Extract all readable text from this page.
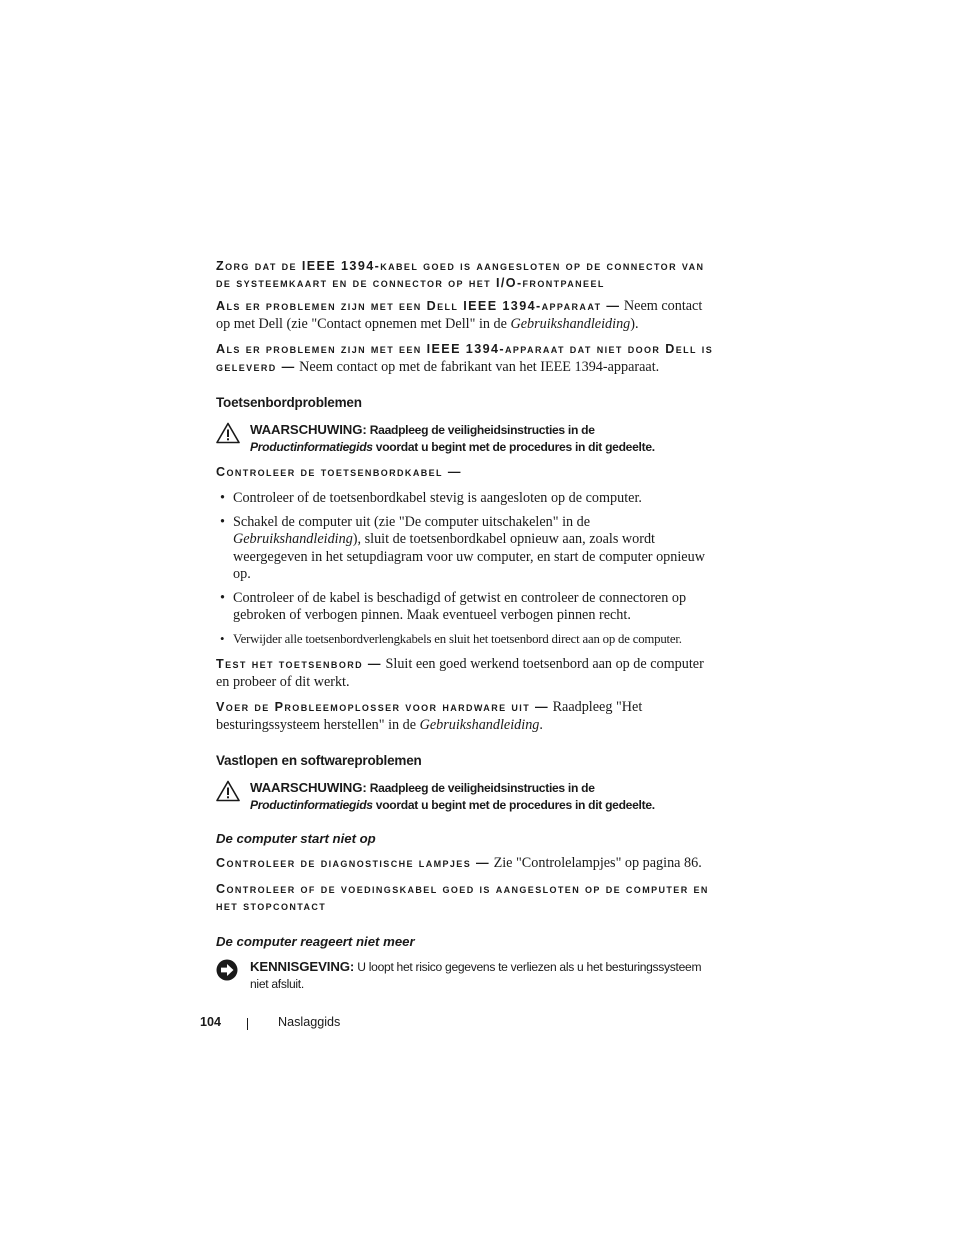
Zorg dat de IEEE 1394-kabel goed is aangesloten op de connector van de systeemkaart en de connector op het I/O-frontpaneel

Als er problemen zijn met een Dell IEEE 1394-apparaat — Neem contact op met Dell (zie "Contact opnemen met Dell" in de Gebruikshandleiding).

Als er problemen zijn met een IEEE 1394-apparaat dat niet door Dell is geleverd — Neem contact op met de fabrikant van het IEEE 1394-apparaat.

Toetsenbordproblemen
WAARSCHUWING: Raadpleeg de veiligheidsinstructies in de Productinformatiegids voordat u begint met de procedures in dit gedeelte.
Controleer de toetsenbordkabel —
• Controleer of de toetsenbordkabel stevig is aangesloten op de computer.
• Schakel de computer uit (zie "De computer uitschakelen" in de Gebruikshandleiding), sluit de toetsenbordkabel opnieuw aan, zoals wordt weergegeven in het setupdiagram voor uw computer, en start de computer opnieuw op.
• Controleer of de kabel is beschadigd of getwist en controleer de connectoren op gebroken of verbogen pinnen. Maak eventueel verbogen pinnen recht.
• Verwijder alle toetsenbordverlengkabels en sluit het toetsenbord direct aan op de computer.

Test het toetsenbord — Sluit een goed werkend toetsenbord aan op de computer en probeer of dit werkt.

Voer de Probleemoplosser voor hardware uit — Raadpleeg "Het besturingssysteem herstellen" in de Gebruikshandleiding.

Vastlopen en softwareproblemen
WAARSCHUWING: Raadpleeg de veiligheidsinstructies in de Productinformatiegids voordat u begint met de procedures in dit gedeelte.
De computer start niet op

Controleer de diagnostische lampjes — Zie "Controlelampjes" op pagina 86.

Controleer of de voedingskabel goed is aangesloten op de computer en het stopcontact
De computer reageert niet meer
KENNISGEVING: U loopt het risico gegevens te verliezen als u het besturingssysteem niet afsluit.
104	Naslaggids
